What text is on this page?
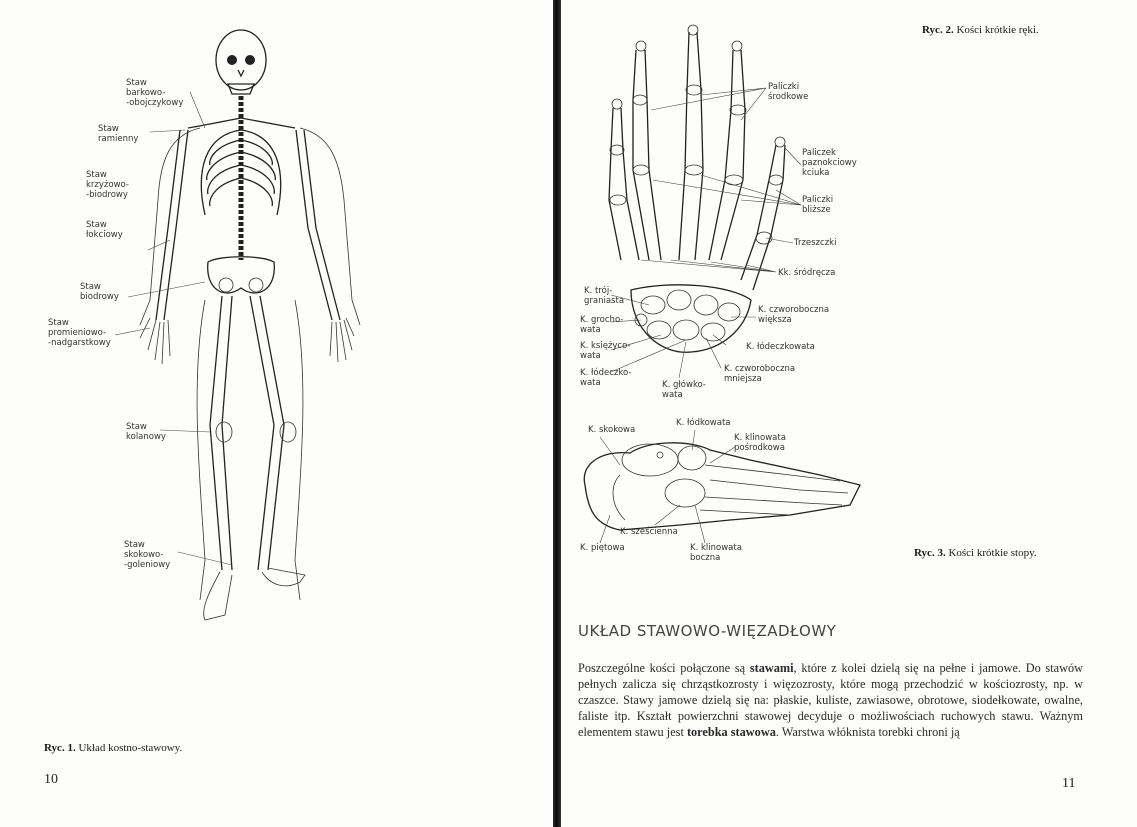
Staw
barkowo-
-obojczykowy
Staw
ramienny
Staw
krzyżowo-
-biodrowy
Staw
łokciowy
Staw
biodrowy
Staw
promieniowo-
-nadgarstkowy
Staw
kolanowy
Staw
skokowo-
-goleniowy
Ryc. 1. Układ kostno-stawowy.
10
Ryc. 2. Kości krótkie ręki.
Paliczki
środkowe
Paliczek
paznokciowy
kciuka
Paliczki
bliższe
Trzeszczki
Kk. śródręcza
K. trój-
graniasta
K. czworoboczna
większa
K. grocho-
wata
K. łódeczkowata
K. księżyco-
wata
K. czworoboczna
mniejsza
K. łódeczko-
wata	K. główko-
wata
K. skokowa
K. łódkowata
K. klinowata
pośrodkowa
K. sześcienna
K. piętowa	K. klinowata
boczna	Ryc. 3. Kości krótkie stopy.
UKŁAD STAWOWO-WIĘZADŁOWY

Poszczególne kości połączone są stawami, które z kolei dzielą się na pełne i jamowe. Do stawów pełnych zalicza się chrząstkozrosty i więzozrosty, które mogą przechodzić w kościozrosty, np. w czaszce. Stawy jamowe dzielą się na: płaskie, kuliste, zawiasowe, obrotowe, siodełkowate, owalne, faliste itp. Kształt powierzchni stawowej decyduje o możliwościach ruchowych stawu. Ważnym elementem stawu jest torebka stawowa. Warstwa włóknista torebki chroni ją

11
